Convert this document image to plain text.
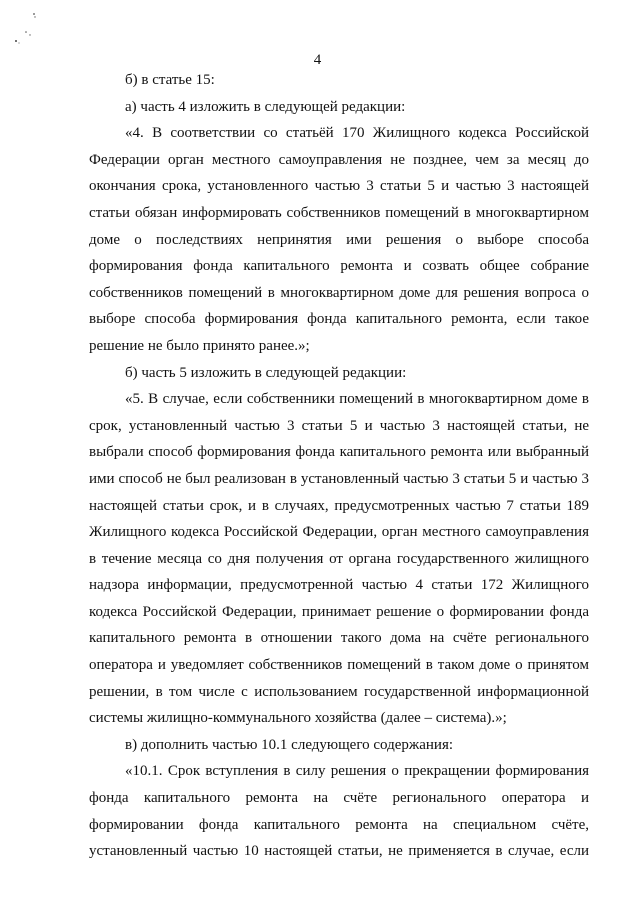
4
б) в статье 15:
а) часть 4 изложить в следующей редакции:
«4. В соответствии со статьёй 170 Жилищного кодекса Российской
Федерации орган местного самоуправления не позднее, чем за месяц до
окончания срока, установленного частью 3 статьи 5 и частью 3 настоящей
статьи обязан информировать собственников помещений в многоквартирном
доме о последствиях непринятия ими решения о выборе способа
формирования фонда капитального ремонта и созвать общее собрание
собственников помещений в многоквартирном доме для решения вопроса о
выборе способа формирования фонда капитального ремонта, если такое
решение не было принято ранее.»;
б) часть 5 изложить в следующей редакции:
«5. В случае, если собственники помещений в многоквартирном доме в
срок, установленный частью 3 статьи 5 и частью 3 настоящей статьи, не
выбрали способ формирования фонда капитального ремонта или выбранный
ими способ не был реализован в установленный частью 3 статьи 5 и частью 3
настоящей статьи срок, и в случаях, предусмотренных частью 7 статьи 189
Жилищного кодекса Российской Федерации, орган местного самоуправления
в течение месяца со дня получения от органа государственного жилищного
надзора информации, предусмотренной частью 4 статьи 172 Жилищного
кодекса Российской Федерации, принимает решение о формировании фонда
капитального ремонта в отношении такого дома на счёте регионального
оператора и уведомляет собственников помещений в таком доме о принятом
решении, в том числе с использованием государственной информационной
системы жилищно-коммунального хозяйства (далее – система).»;
в) дополнить частью 10.1 следующего содержания:
«10.1. Срок вступления в силу решения о прекращении формирования
фонда капитального ремонта на счёте регионального оператора и
формировании фонда капитального ремонта на специальном счёте,
установленный частью 10 настоящей статьи, не применяется в случае, если
